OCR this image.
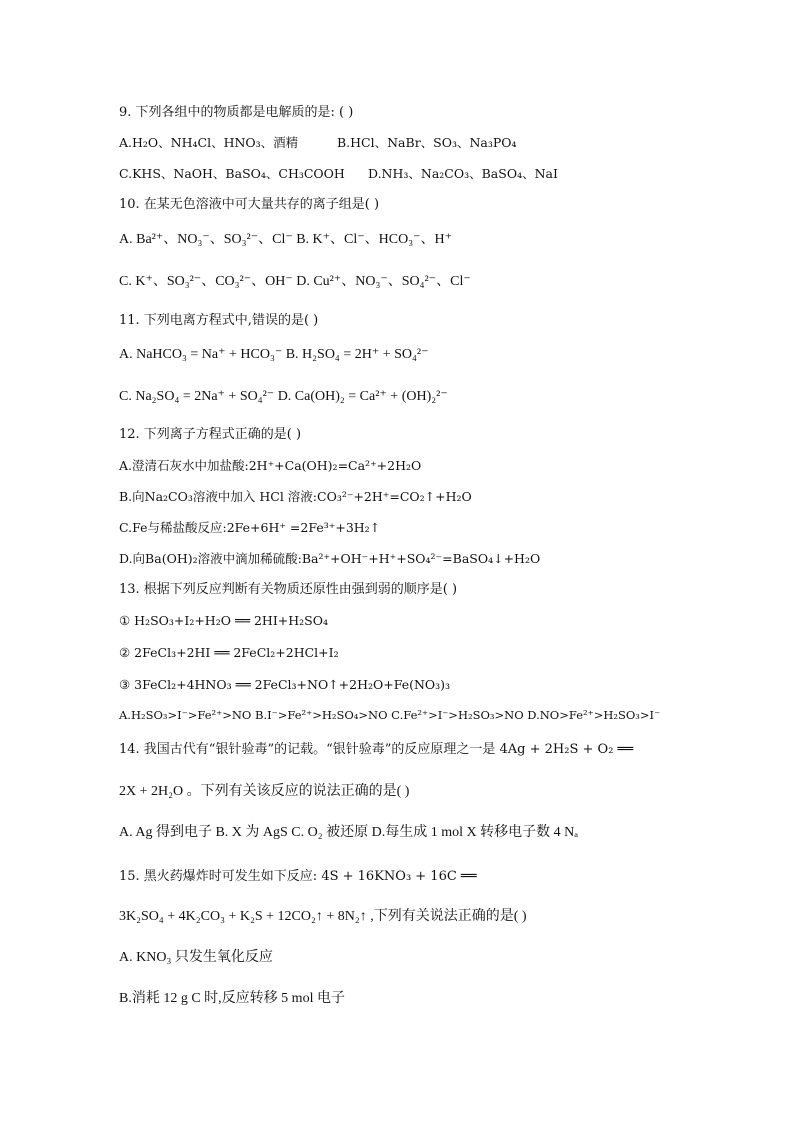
9. 下列各组中的物质都是电解质的是: ( )
A.H₂O、NH₄Cl、HNO₃、酒精	B.HCl、NaBr、SO₃、Na₃PO₄
C.KHS、NaOH、BaSO₄、CH₃COOH	D.NH₃、Na₂CO₃、BaSO₄、NaI
10. 在某无色溶液中可大量共存的离子组是( )
A. Ba²⁺、NO₃⁻、SO₃²⁻、Cl⁻ B. K⁺、Cl⁻、HCO₃⁻、H⁺
C. K⁺、SO₃²⁻、CO₃²⁻、OH⁻ D. Cu²⁺、NO₃⁻、SO₄²⁻、Cl⁻
11. 下列电离方程式中,错误的是( )
A. NaHCO₃ = Na⁺ + HCO₃⁻ B. H₂SO₄ = 2H⁺ + SO₄²⁻
C. Na₂SO₄ = 2Na⁺ + SO₄²⁻ D. Ca(OH)₂ = Ca²⁺ + (OH)₂²⁻
12. 下列离子方程式正确的是( )
A.澄清石灰水中加盐酸:2H⁺+Ca(OH)₂=Ca²⁺+2H₂O
B.向Na₂CO₃溶液中加入 HCl 溶液:CO₃²⁻+2H⁺=CO₂↑+H₂O
C.Fe与稀盐酸反应:2Fe+6H⁺ =2Fe³⁺+3H₂↑
D.向Ba(OH)₂溶液中滴加稀硫酸:Ba²⁺+OH⁻+H⁺+SO₄²⁻=BaSO₄↓+H₂O
13. 根据下列反应判断有关物质还原性由强到弱的顺序是( )
① H₂SO₃+I₂+H₂O ══ 2HI+H₂SO₄
② 2FeCl₃+2HI ══ 2FeCl₂+2HCl+I₂
③ 3FeCl₂+4HNO₃ ══ 2FeCl₃+NO↑+2H₂O+Fe(NO₃)₃
A.H₂SO₃>I⁻>Fe²⁺>NO B.I⁻>Fe²⁺>H₂SO₄>NO C.Fe²⁺>I⁻>H₂SO₃>NO D.NO>Fe²⁺>H₂SO₃>I⁻
14. 我国古代有“银针验毒”的记载。“银针验毒”的反应原理之一是 4Ag + 2H₂S + O₂ ══
2X + 2H₂O 。下列有关该反应的说法正确的是( )
A. Ag 得到电子 B. X 为 AgS C. O₂ 被还原 D.每生成 1 mol X 转移电子数 4 Nₐ
15. 黑火药爆炸时可发生如下反应: 4S + 16KNO₃ + 16C ══
3K₂SO₄ + 4K₂CO₃ + K₂S + 12CO₂↑ + 8N₂↑ ,下列有关说法正确的是( )
A. KNO₃ 只发生氧化反应
B.消耗 12 g C 时,反应转移 5 mol 电子
